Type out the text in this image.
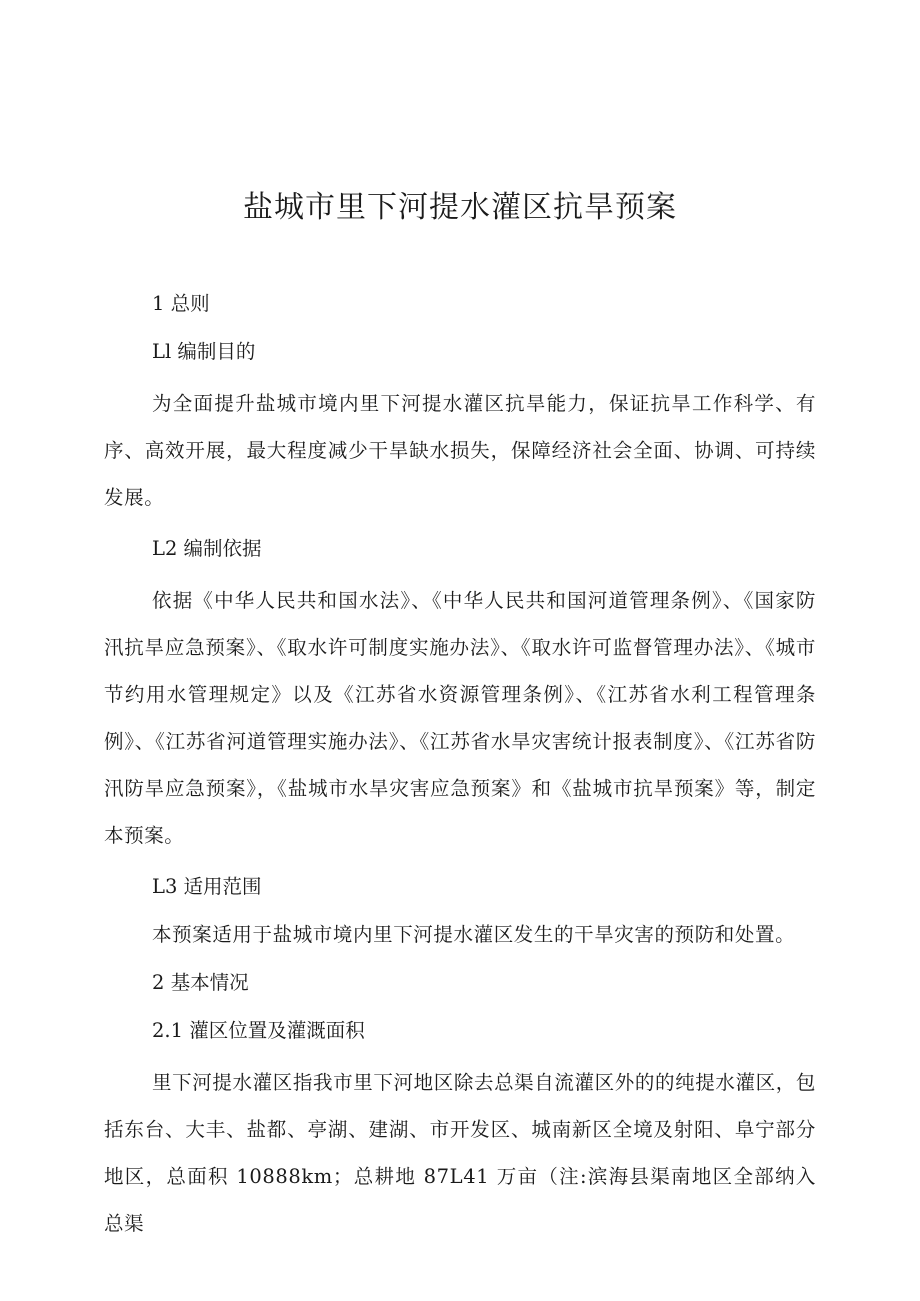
盐城市里下河提水灌区抗旱预案
1 总则
Ll 编制目的
为全面提升盐城市境内里下河提水灌区抗旱能力，保证抗旱工作科学、有序、高效开展，最大程度减少干旱缺水损失，保障经济社会全面、协调、可持续发展。
L2 编制依据
依据《中华人民共和国水法》、《中华人民共和国河道管理条例》、《国家防汛抗旱应急预案》、《取水许可制度实施办法》、《取水许可监督管理办法》、《城市节约用水管理规定》以及《江苏省水资源管理条例》、《江苏省水利工程管理条例》、《江苏省河道管理实施办法》、《江苏省水旱灾害统计报表制度》、《江苏省防汛防旱应急预案》，《盐城市水旱灾害应急预案》和《盐城市抗旱预案》等，制定本预案。
L3 适用范围
本预案适用于盐城市境内里下河提水灌区发生的干旱灾害的预防和处置。
2 基本情况
2.1 灌区位置及灌溉面积
里下河提水灌区指我市里下河地区除去总渠自流灌区外的的纯提水灌区，包括东台、大丰、盐都、亭湖、建湖、市开发区、城南新区全境及射阳、阜宁部分地区，总面积 10888km；总耕地 87L41 万亩（注:滨海县渠南地区全部纳入总渠
